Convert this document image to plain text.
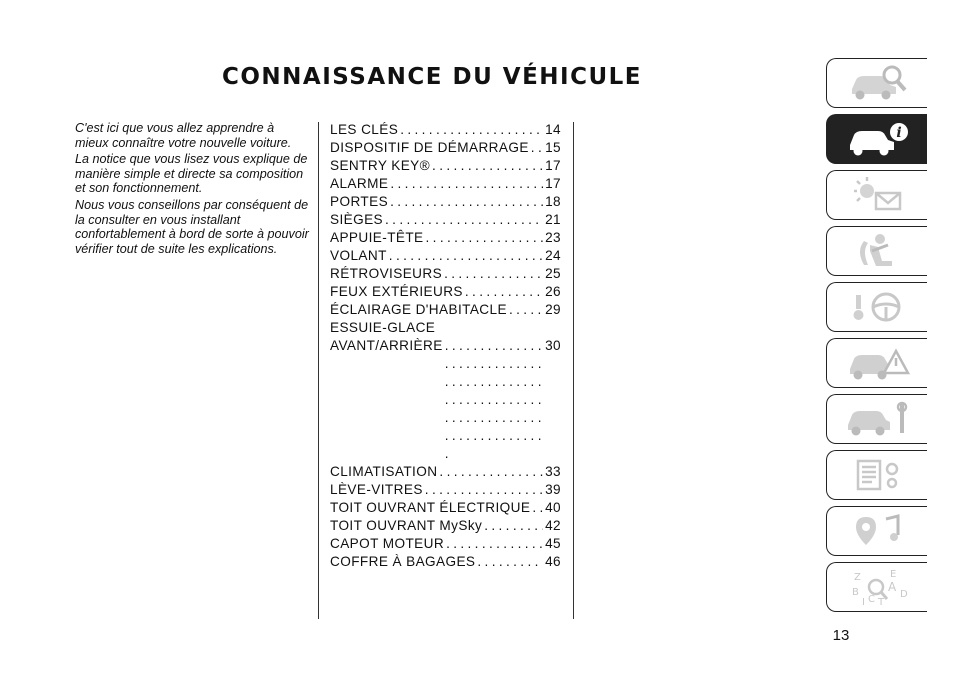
CONNAISSANCE DU VÉHICULE

C'est ici que vous allez apprendre à mieux connaître votre nouvelle voiture.

La notice que vous lisez vous explique de manière simple et directe sa composition et son fonctionnement.

Nous vous conseillons par conséquent de la consulter en vous installant confortablement à bord de sorte à pouvoir vérifier tout de suite les explications.

LES CLÉS . . .	14
DISPOSITIF DE DÉMARRAGE . . . 15
SENTRY KEY® . . .	17
ALARME . . .	17
PORTES . . .	18
SIÈGES . . .	21
APPUIE-TÊTE . . .	23
VOLANT . . .	24
RÉTROVISEURS . . .	25
FEUX EXTÉRIEURS . . .	26
ÉCLAIRAGE D'HABITACLE . . .	29
ESSUIE-GLACE
AVANT/ARRIÈRE . . .	30
CLIMATISATION . . .	33
LÈVE-VITRES . . .	39
TOIT OUVRANT ÉLECTRIQUE . . . 40
TOIT OUVRANT MySky . . .	42
CAPOT MOTEUR . . .	45
COFFRE À BAGAGES . . .	46
i
Z	E
B A
C T
D
I
13
